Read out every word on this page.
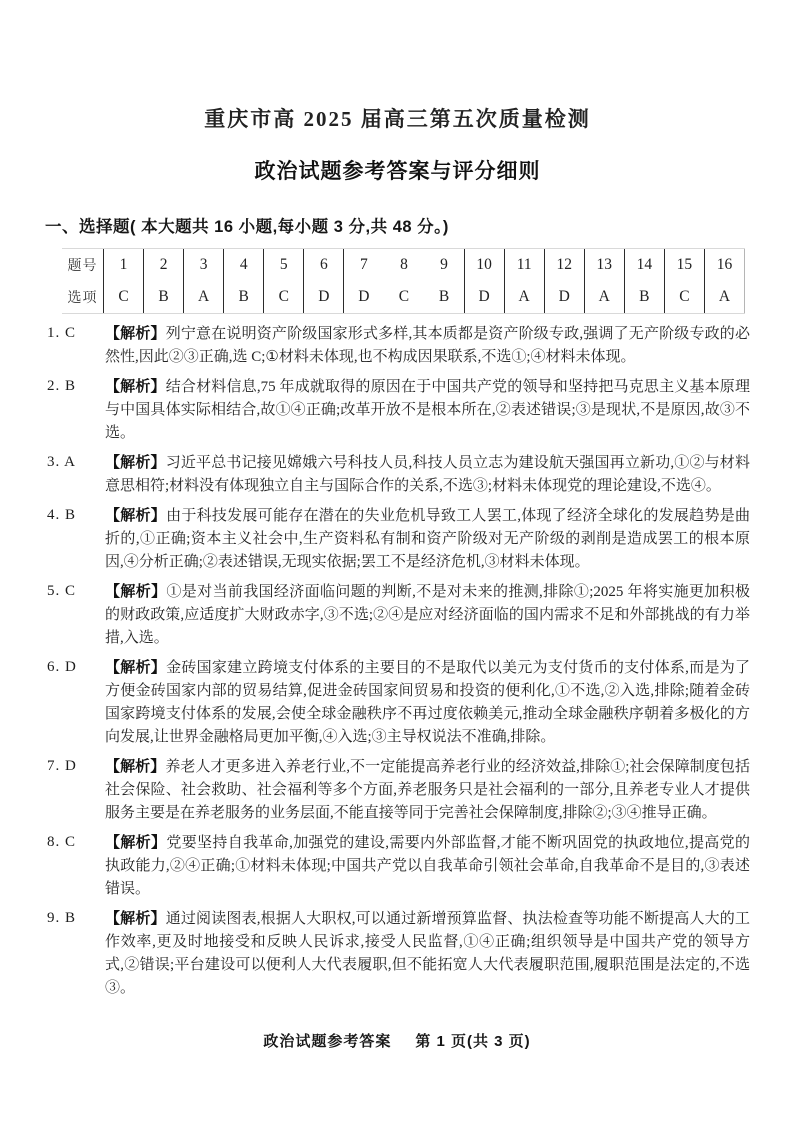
重庆市高 2025 届高三第五次质量检测
政治试题参考答案与评分细则
一、选择题( 本大题共 16 小题,每小题 3 分,共 48 分。)
题号	1	2	3	4	5	6	7	8	9	10	11	12	13	14	15	16
选项	C	B	A	B	C	D	D	C	B	D	A	D	A	B	C	A
1. C	【解析】列宁意在说明资产阶级国家形式多样,其本质都是资产阶级专政,强调了无产阶级专政的必然性,因此②③正确,选 C;①材料未体现,也不构成因果联系,不选①;④材料未体现。
2. B	【解析】结合材料信息,75 年成就取得的原因在于中国共产党的领导和坚持把马克思主义基本原理与中国具体实际相结合,故①④正确;改革开放不是根本所在,②表述错误;③是现状,不是原因,故③不选。
3. A	【解析】习近平总书记接见嫦娥六号科技人员,科技人员立志为建设航天强国再立新功,①②与材料意思相符;材料没有体现独立自主与国际合作的关系,不选③;材料未体现党的理论建设,不选④。
4. B	【解析】由于科技发展可能存在潜在的失业危机导致工人罢工,体现了经济全球化的发展趋势是曲折的,①正确;资本主义社会中,生产资料私有制和资产阶级对无产阶级的剥削是造成罢工的根本原因,④分析正确;②表述错误,无现实依据;罢工不是经济危机,③材料未体现。
5. C	【解析】①是对当前我国经济面临问题的判断,不是对未来的推测,排除①;2025 年将实施更加积极的财政政策,应适度扩大财政赤字,③不选;②④是应对经济面临的国内需求不足和外部挑战的有力举措,入选。
6. D	【解析】金砖国家建立跨境支付体系的主要目的不是取代以美元为支付货币的支付体系,而是为了方便金砖国家内部的贸易结算,促进金砖国家间贸易和投资的便利化,①不选,②入选,排除;随着金砖国家跨境支付体系的发展,会使全球金融秩序不再过度依赖美元,推动全球金融秩序朝着多极化的方向发展,让世界金融格局更加平衡,④入选;③主导权说法不准确,排除。
7. D	【解析】养老人才更多进入养老行业,不一定能提高养老行业的经济效益,排除①;社会保障制度包括社会保险、社会救助、社会福利等多个方面,养老服务只是社会福利的一部分,且养老专业人才提供服务主要是在养老服务的业务层面,不能直接等同于完善社会保障制度,排除②;③④推导正确。
8. C	【解析】党要坚持自我革命,加强党的建设,需要内外部监督,才能不断巩固党的执政地位,提高党的执政能力,②④正确;①材料未体现;中国共产党以自我革命引领社会革命,自我革命不是目的,③表述错误。
9. B	【解析】通过阅读图表,根据人大职权,可以通过新增预算监督、执法检查等功能不断提高人大的工作效率,更及时地接受和反映人民诉求,接受人民监督,①④正确;组织领导是中国共产党的领导方式,②错误;平台建设可以便利人大代表履职,但不能拓宽人大代表履职范围,履职范围是法定的,不选③。
政治试题参考答案 第 1 页(共 3 页)
